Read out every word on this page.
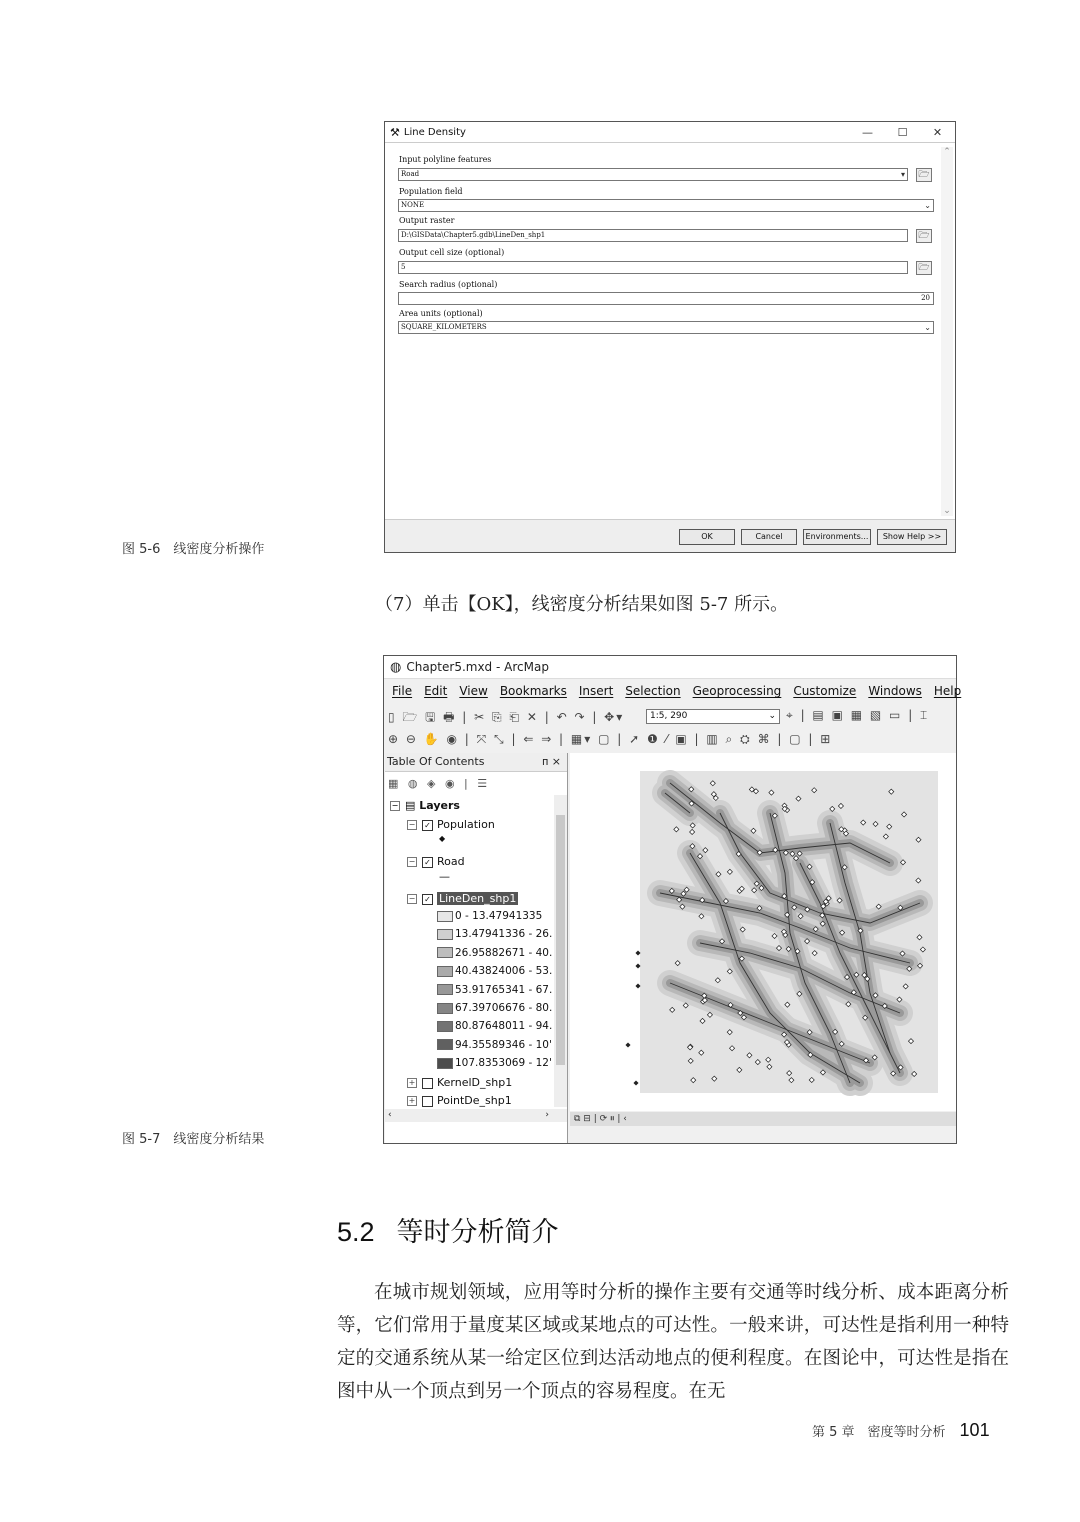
⚒ Line Density	—	☐	✕
Input polyline features
Road	▾ 🗁
Population field
NONE	⌄
Output raster
D:\GISData\Chapter5.gdb\LineDen_shp1	🗁
Output cell size (optional)
5	🗁
Search radius (optional)
20
Area units (optional)
SQUARE_KILOMETERS	⌄
⌃
⌄
OK	Cancel	Environments...	Show Help >>
图 5-6　线密度分析操作
（7）单击【OK】，线密度分析结果如图 5-7 所示。
◍ Chapter5.mxd - ArcMap
File Edit View Bookmarks Insert Selection Geoprocessing Customize Windows Help
▯ 🗁 🖫 🖶 | ✂ ⎘ ⎗ ✕ | ↶ ↷ | ✥▾	1:5, 290	⌄ ⌖ | ▤ ▣ ▦ ▧ ▭ | ⌶
⊕ ⊖ ✋ ◉ | ⤧ ⤡ | ⇐ ⇒ | ▦▾ ▢ | ➚ ❶ ⁄ ▣ | ▥ ⌕ ⛭ ⌘ | ▢ | ⊞
Table Of Contents	ᴨ ×
▦ ◍ ◈ ◉ | ☰
− ▤ Layers
− ✓ Population
◆
− ✓ Road
—
− ✓ LineDen_shp1
0 - 13.47941335
13.47941336 - 26.
26.95882671 - 40.
40.43824006 - 53.
53.91765341 - 67.
67.39706676 - 80.
80.87648011 - 94.
94.35589346 - 10'
107.8353069 - 12'
+ KernelD_shp1
+ PointDe_shp1
‹	›	⧉ ⊟ | ⟳ ⏸ | ‹
图 5-7　线密度分析结果
5.2 等时分析简介
在城市规划领域，应用等时分析的操作主要有交通等时线分析、成本距离分析等，它们常用于量度某区域或某地点的可达性。一般来讲，可达性是指利用一种特定的交通系统从某一给定区位到达活动地点的便利程度。在图论中，可达性是指在图中从一个顶点到另一个顶点的容易程度。在无
第 5 章　密度等时分析 101
